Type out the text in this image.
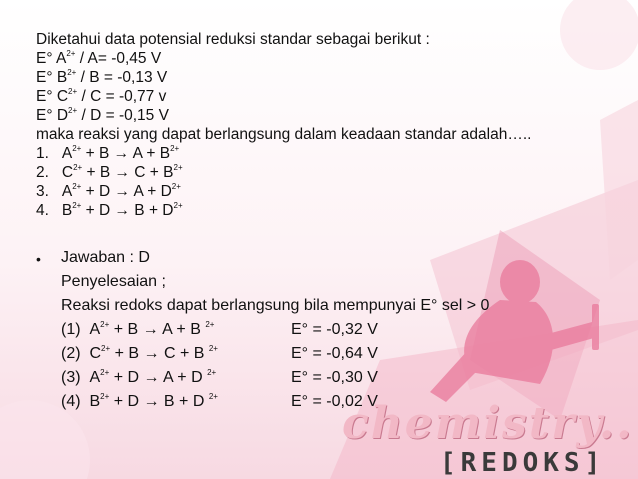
Diketahui data potensial reduksi standar sebagai berikut :
E° $A^{2+} / A= -0,45$ V
E° $B^{2+} / B = -0,13$ V
E° $C^{2+} / C = -0,77$ v
E° $D^{2+} / D = -0,15$ V
maka reaksi yang dapat berlangsung dalam keadaan standar adalah…..
1. $A^{2+} + B \to A + B^{2+}$
2. $C^{2+} + B \to C + B^{2+}$
3. $A^{2+} + D \to A + D^{2+}$
4. $B^{2+} + D \to B + D^{2+}$
• Jawaban : D
Penyelesaian ;
Reaksi redoks dapat berlangsung bila mempunyai E° sel > 0
(1) $A^{2+} + B \to A + B$ $^{2+}$	E° = -0,32 V
(2) $C^{2+} + B \to C + B$ $^{2+}$	E° = -0,64 V
(3) $A^{2+} + D \to A + D$ $^{2+}$	E° = -0,30 V
(4) $B^{2+} + D \to B + D$ $^{2+}$	E° = -0,02 V
chemistry..
[REDOKS]
